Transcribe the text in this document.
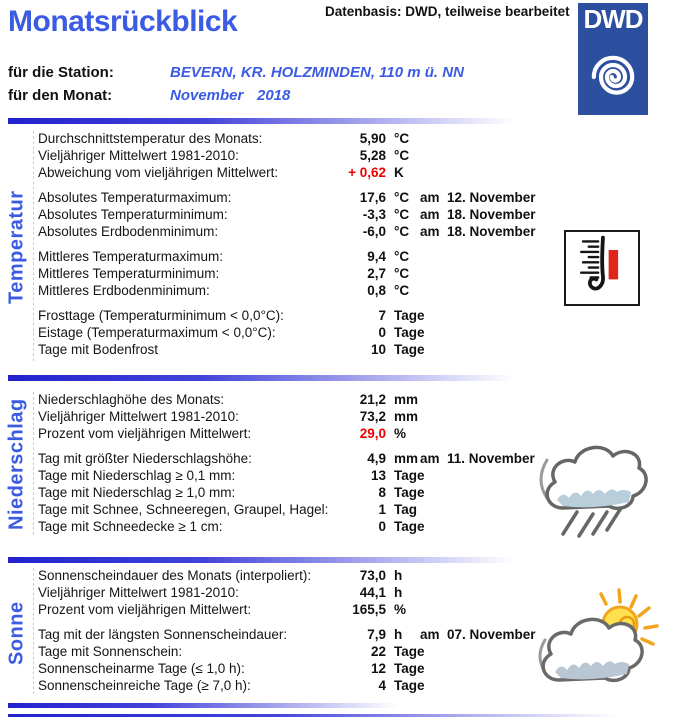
Monatsrückblick	Datenbasis: DWD, teilweise bearbeitet DWD
für die Station:	BEVERN, KR. HOLZMINDEN, 110 m ü. NN
für den Monat:	November 2018
Temperatur
Niederschlag
Sonne
Durchschnittstemperatur des Monats:	5,90 °C
Vieljähriger Mittelwert 1981-2010:	5,28 °C
Abweichung vom vieljährigen Mittelwert:	+ 0,62 K
Absolutes Temperaturmaximum:	17,6 °C am  12. November
Absolutes Temperaturminimum:	-3,3 °C am  18. November
Absolutes Erdbodenminimum:	-6,0 °C am  18. November
Mittleres Temperaturmaximum:	9,4 °C
Mittleres Temperaturminimum:	2,7 °C
Mittleres Erdbodenminimum:	0,8 °C
Frosttage (Temperaturminimum < 0,0°C):	7 Tage
Eistage (Temperaturmaximum < 0,0°C):	0 Tage
Tage mit Bodenfrost	10 Tage
Niederschlaghöhe des Monats:	21,2 mm
Vieljähriger Mittelwert 1981-2010:	73,2 mm
Prozent vom vieljährigen Mittelwert:	29,0 %
Tag mit größter Niederschlagshöhe:	4,9 mm am  11. November
Tage mit Niederschlag ≥ 0,1 mm:	13 Tage
Tage mit Niederschlag ≥ 1,0 mm:	8 Tage
Tage mit Schnee, Schneeregen, Graupel, Hagel:	1 Tag
Tage mit Schneedecke ≥ 1 cm:	0 Tage
Sonnenscheindauer des Monats (interpoliert):	73,0 h
Vieljähriger Mittelwert 1981-2010:	44,1 h
Prozent vom vieljährigen Mittelwert:	165,5 %
Tag mit der längsten Sonnenscheindauer:	7,9 h	am  07. November
Tage mit Sonnenschein:	22 Tage
Sonnenscheinarme Tage (≤ 1,0 h):	12 Tage
Sonnenscheinreiche Tage (≥ 7,0 h):	4 Tage
